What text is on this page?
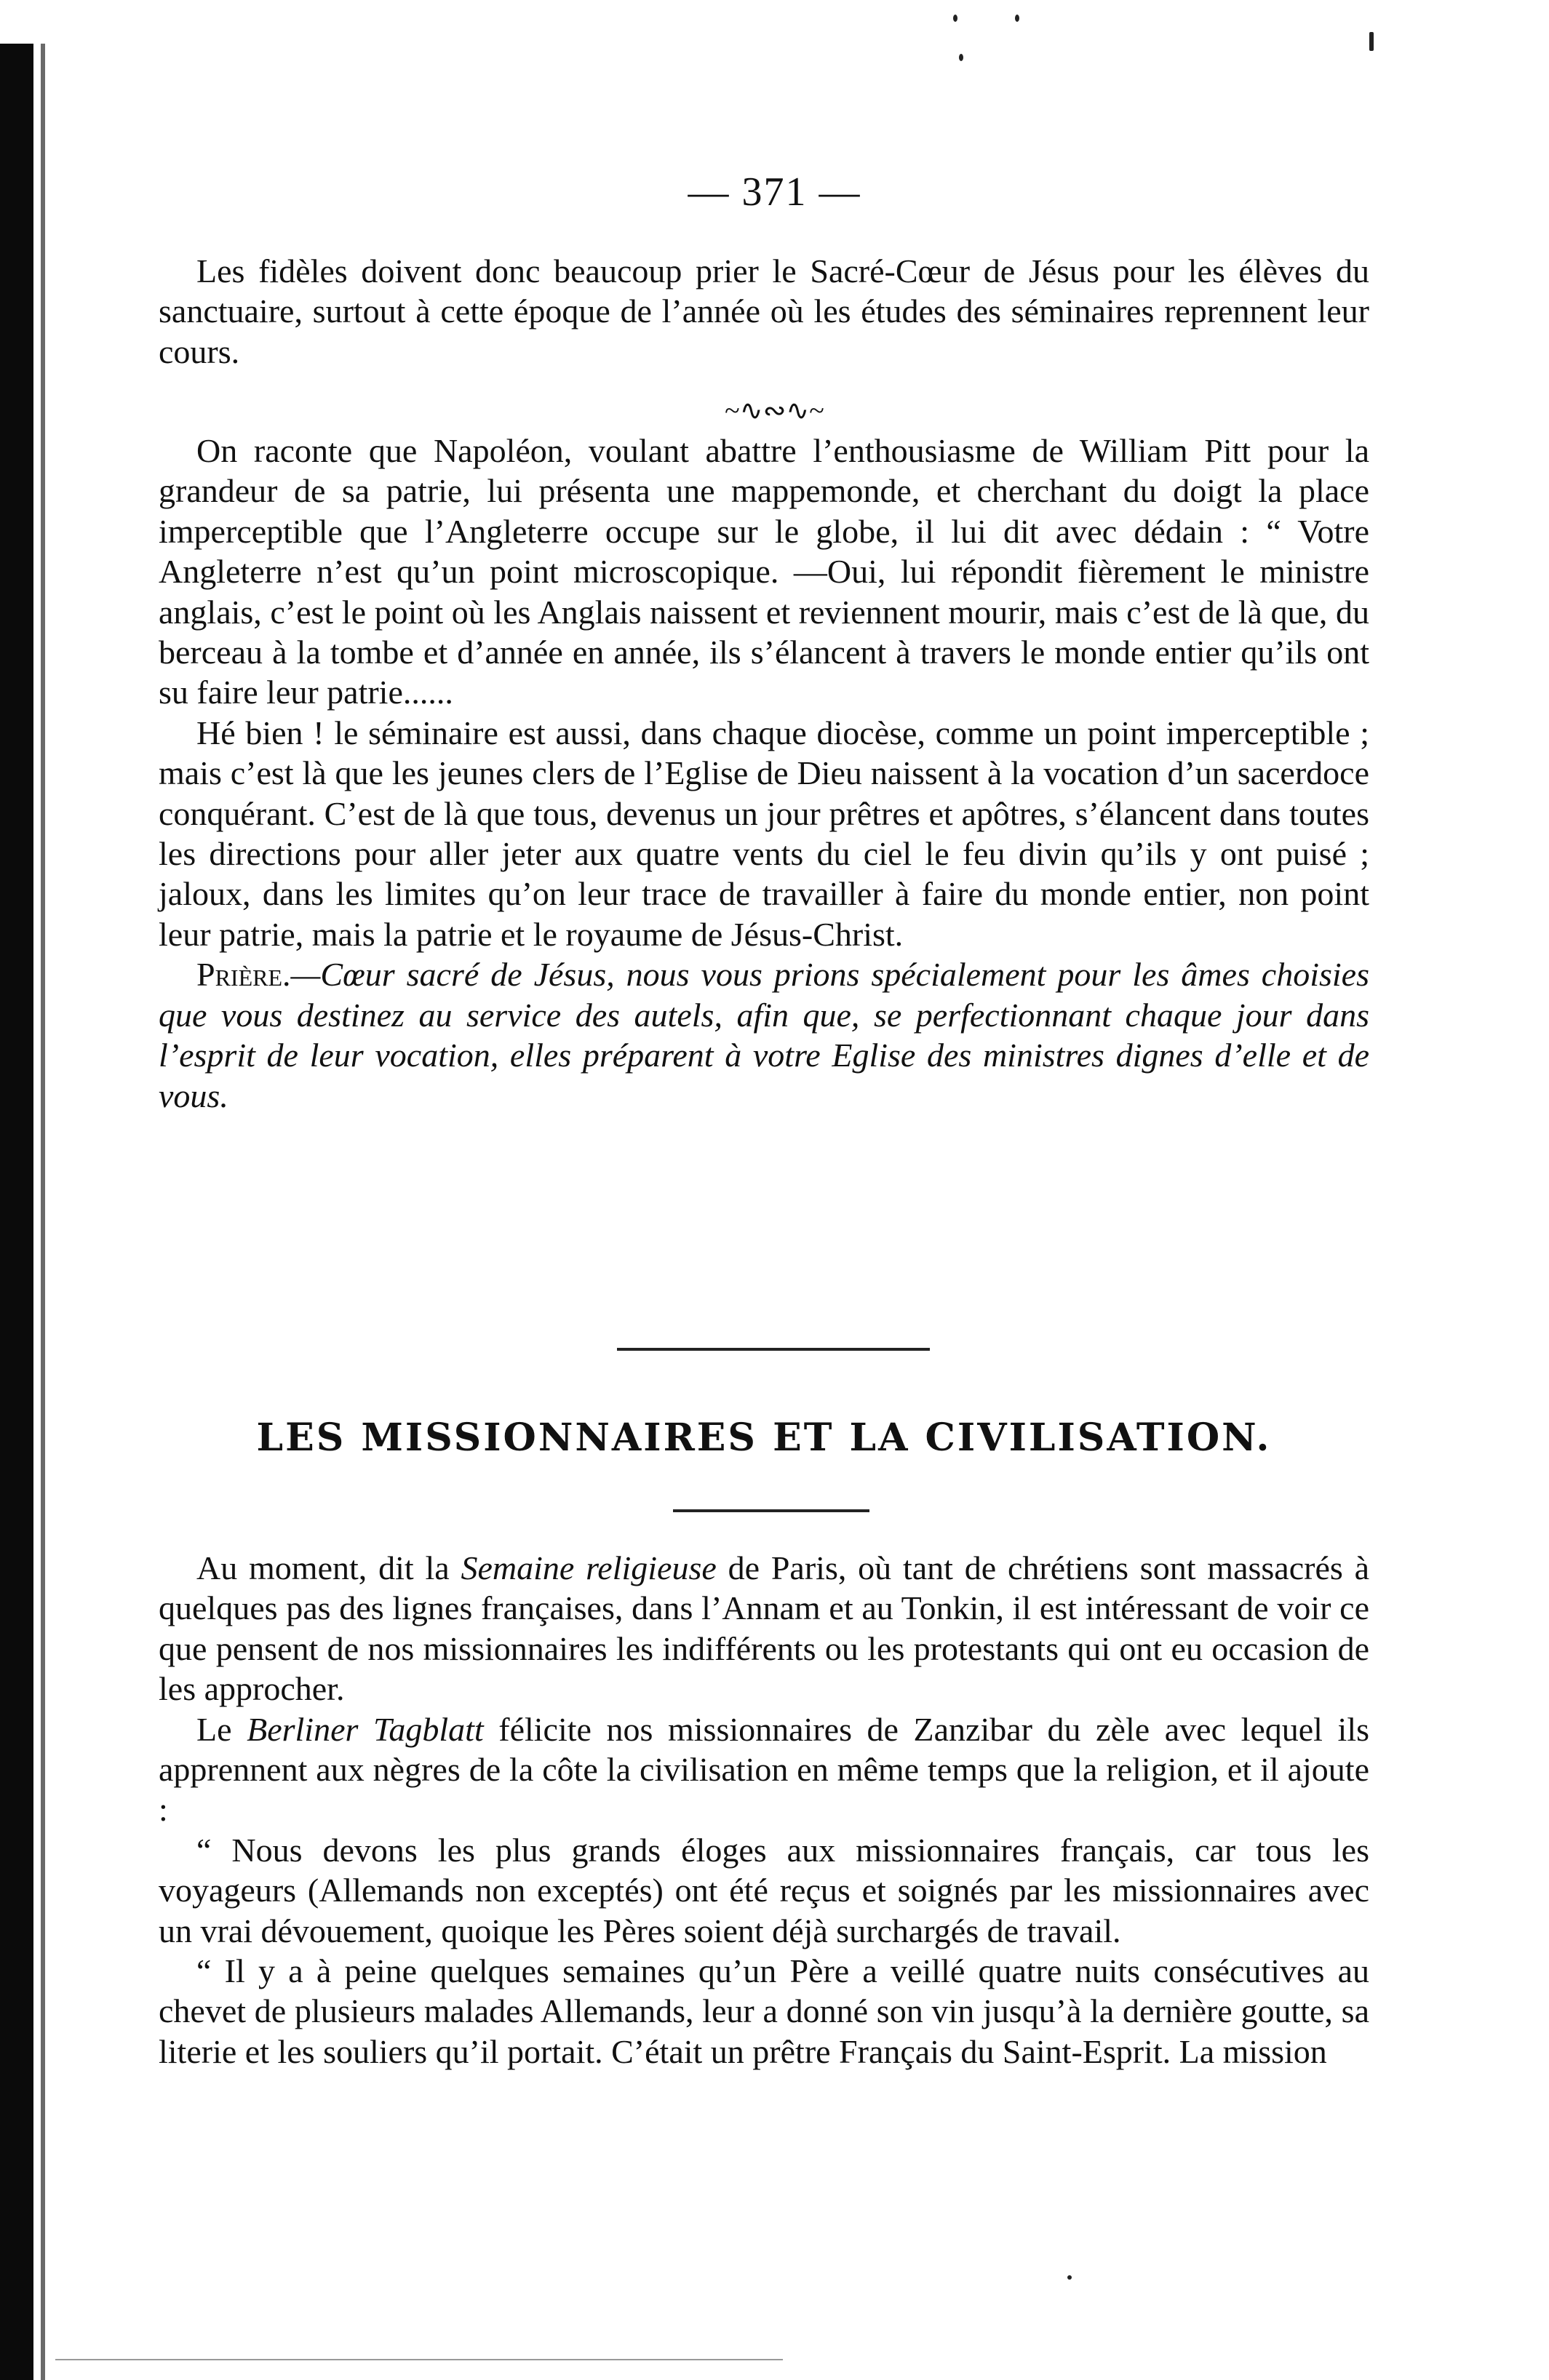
— 371 —

Les fidèles doivent donc beaucoup prier le Sacré-Cœur de Jésus pour les élèves du sanctuaire, surtout à cette époque de l’année où les études des séminaires reprennent leur cours.

~∿∾∿~

On raconte que Napoléon, voulant abattre l’enthousiasme de William Pitt pour la grandeur de sa patrie, lui présenta une mappemonde, et cherchant du doigt la place imperceptible que l’Angleterre occupe sur le globe, il lui dit avec dédain : “ Votre Angleterre n’est qu’un point microscopique. —Oui, lui répondit fièrement le ministre anglais, c’est le point où les Anglais naissent et reviennent mourir, mais c’est de là que, du berceau à la tombe et d’année en année, ils s’élancent à travers le monde entier qu’ils ont su faire leur patrie......

Hé bien ! le séminaire est aussi, dans chaque diocèse, comme un point imperceptible ; mais c’est là que les jeunes clers de l’Eglise de Dieu naissent à la vocation d’un sacerdoce conquérant. C’est de là que tous, devenus un jour prêtres et apôtres, s’élancent dans toutes les directions pour aller jeter aux quatre vents du ciel le feu divin qu’ils y ont puisé ; jaloux, dans les limites qu’on leur trace de travailler à faire du monde entier, non point leur patrie, mais la patrie et le royaume de Jésus-Christ.

Prière.—Cœur sacré de Jésus, nous vous prions spécialement pour les âmes choisies que vous destinez au service des autels, afin que, se perfectionnant chaque jour dans l’esprit de leur vocation, elles préparent à votre Eglise des ministres dignes d’elle et de vous.

LES MISSIONNAIRES ET LA CIVILISATION.

Au moment, dit la Semaine religieuse de Paris, où tant de chrétiens sont massacrés à quelques pas des lignes françaises, dans l’Annam et au Tonkin, il est intéressant de voir ce que pensent de nos missionnaires les indifférents ou les protestants qui ont eu occasion de les approcher.

Le Berliner Tagblatt félicite nos missionnaires de Zanzibar du zèle avec lequel ils apprennent aux nègres de la côte la civilisation en même temps que la religion, et il ajoute :

“ Nous devons les plus grands éloges aux missionnaires français, car tous les voyageurs (Allemands non exceptés) ont été reçus et soignés par les missionnaires avec un vrai dévouement, quoique les Pères soient déjà surchargés de travail.

“ Il y a à peine quelques semaines qu’un Père a veillé quatre nuits consécutives au chevet de plusieurs malades Allemands, leur a donné son vin jusqu’à la dernière goutte, sa literie et les souliers qu’il portait. C’était un prêtre Français du Saint-Esprit. La mission
